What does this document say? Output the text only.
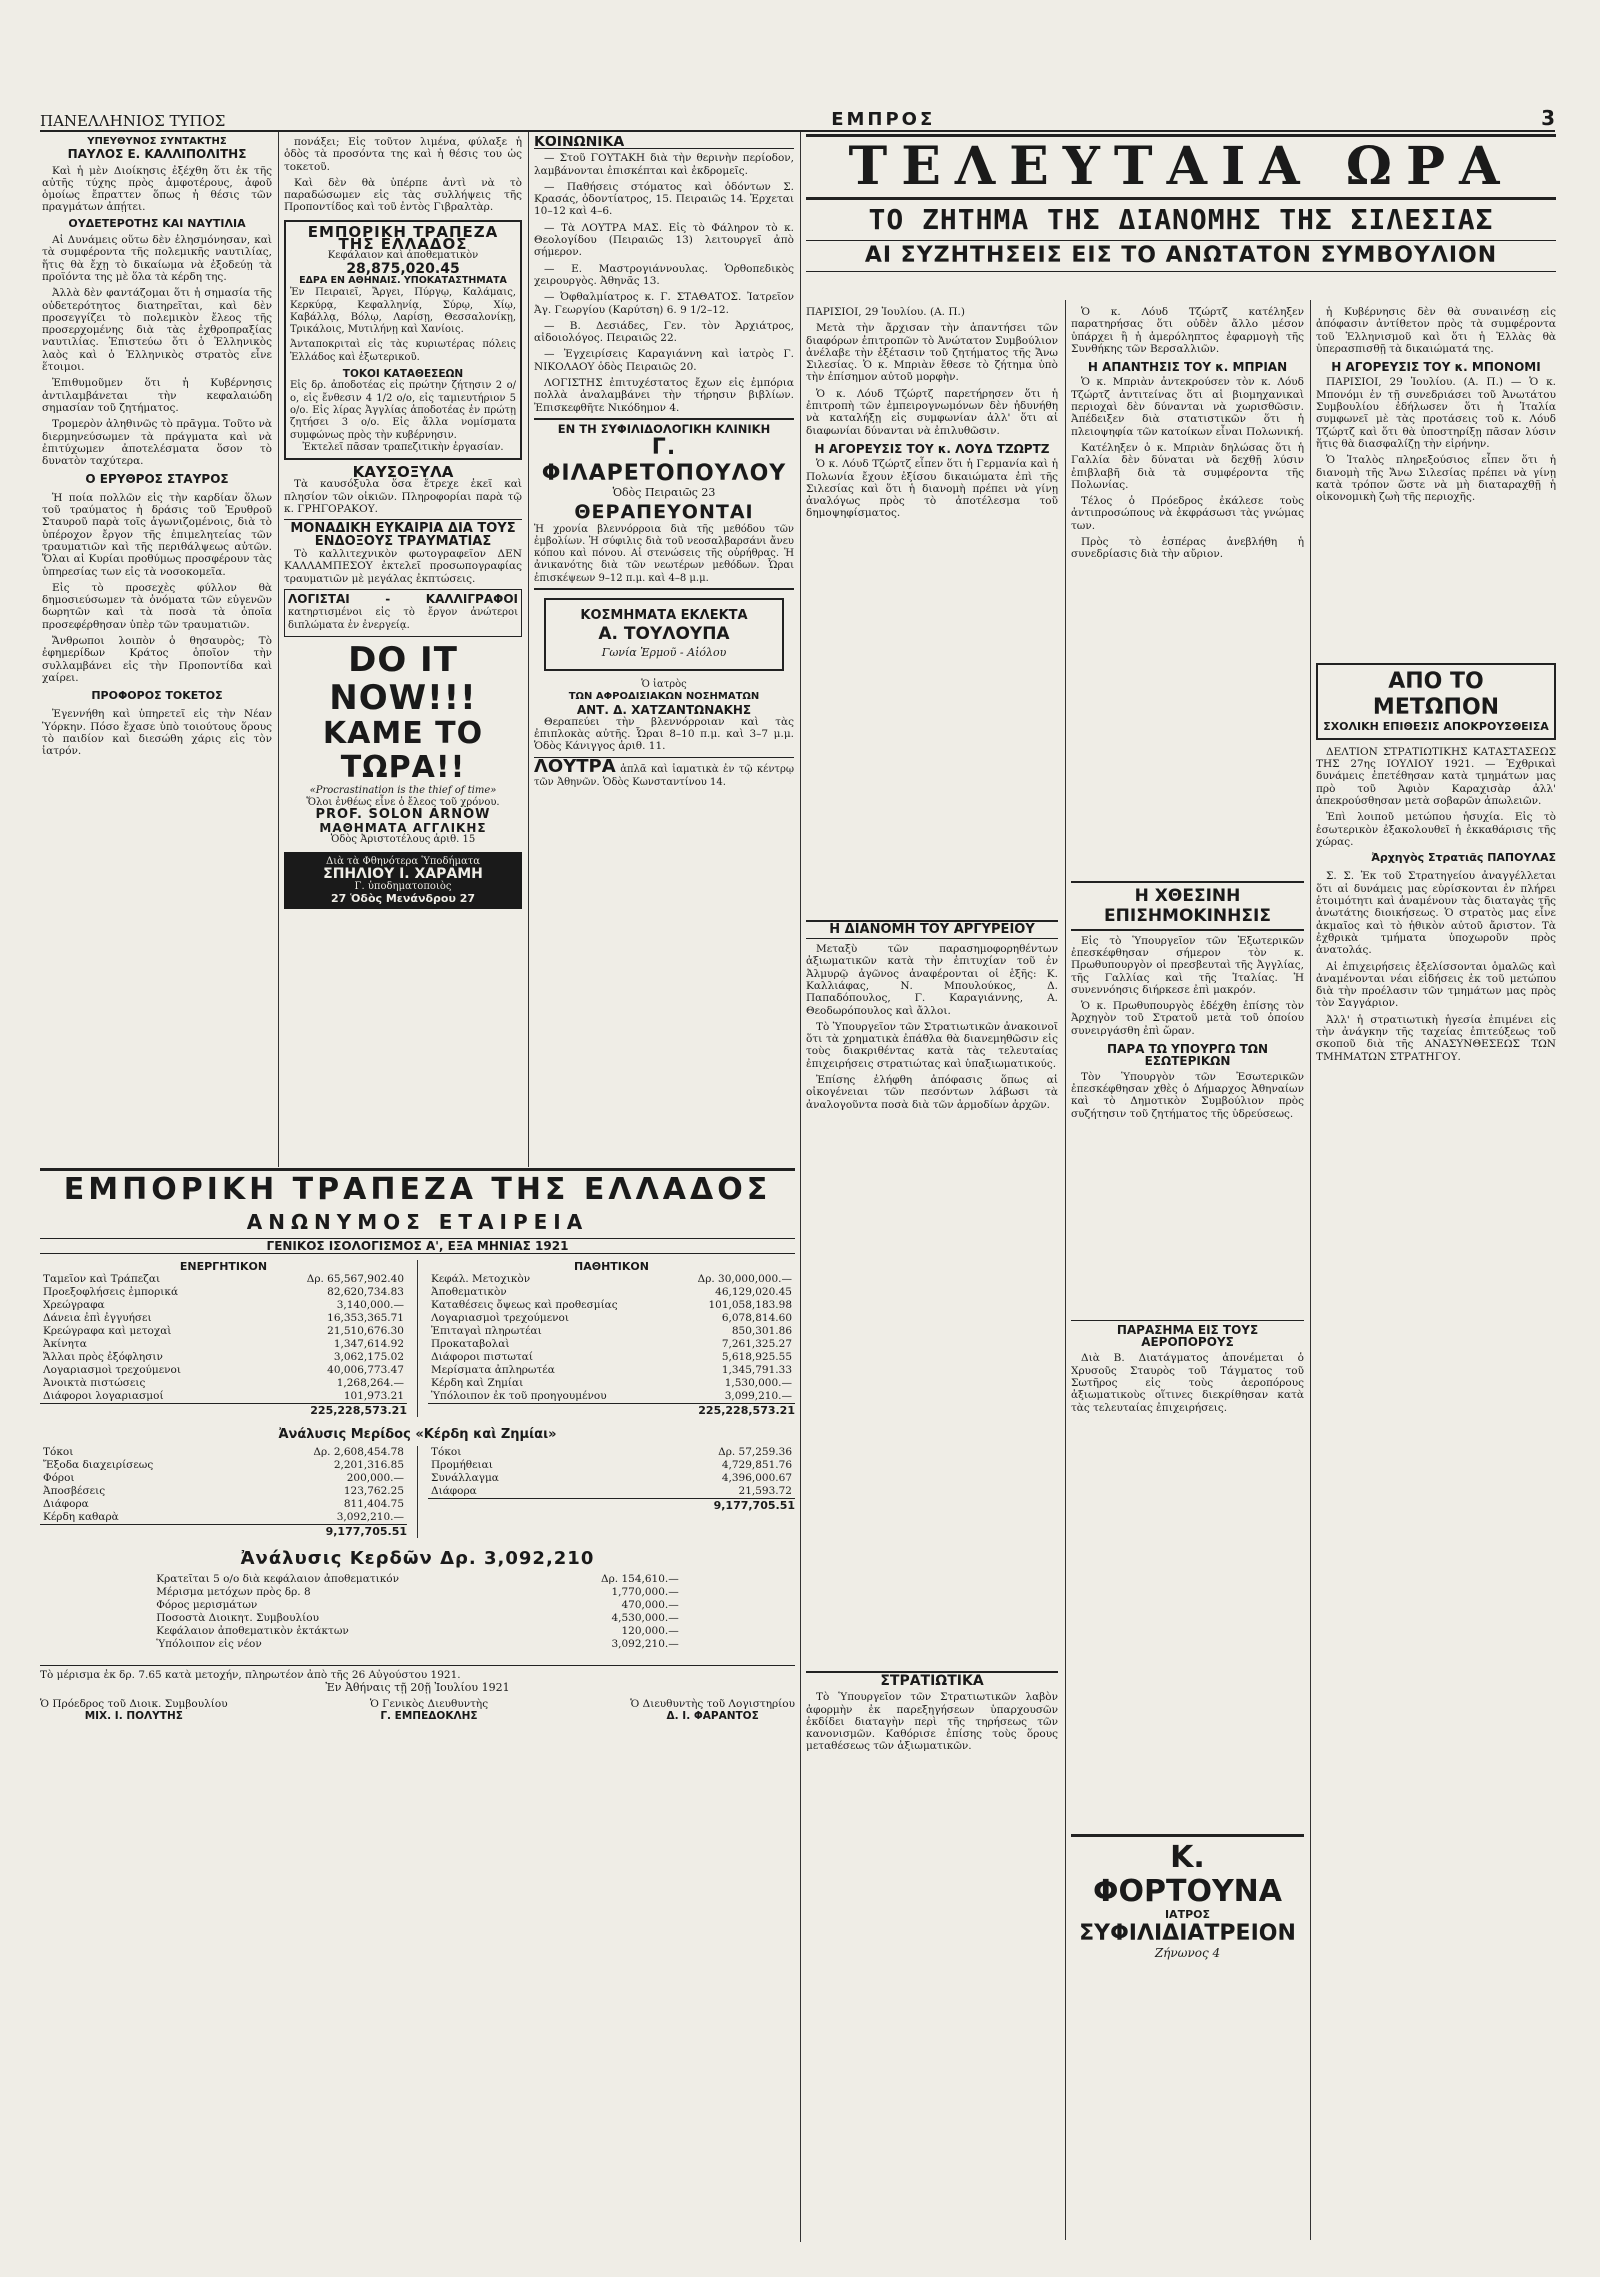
ΠΑΝΕΛΛΗΝΙΟΣ ΤΥΠΟΣ	ΕΜΠΡΟΣ	3
ΥΠΕΥΘΥΝΟΣ ΣΥΝΤΑΚΤΗΣ
ΠΑΥΛΟΣ Ε. ΚΑΛΛΙΠΟΛΙΤΗΣ

Καὶ ἡ μὲν Διοίκησις ἐξέχθη ὅτι ἐκ τῆς αὐτῆς τύχης πρὸς ἀμφοτέρους, ἀφοῦ ὁμοίως ἔπραττεν ὅπως ἡ θέσις τῶν πραγμάτων ἀπῄτει.

ΟΥΔΕΤΕΡΟΤΗΣ ΚΑΙ ΝΑΥΤΙΛΙΑ

Αἱ Δυνάμεις οὕτω δὲν ἐλησμόνησαν, καὶ τὰ συμφέροντα τῆς πολεμικῆς ναυτιλίας, ἥτις θὰ ἔχῃ τὸ δικαίωμα νὰ ἐξοδεύῃ τὰ προϊόντα της μὲ ὅλα τὰ κέρδη της.

Ἀλλὰ δὲν φαντάζομαι ὅτι ἡ σημασία τῆς οὐδετερότητος διατηρεῖται, καὶ δὲν προσεγγίζει τὸ πολεμικὸν ἔλεος τῆς προσερχομένης διὰ τὰς ἐχθροπραξίας ναυτιλίας. Ἐπιστεύω ὅτι ὁ Ἑλληνικὸς λαὸς καὶ ὁ Ἑλληνικὸς στρατὸς εἶνε ἕτοιμοι.

Ἐπιθυμοῦμεν ὅτι ἡ Κυβέρνησις ἀντιλαμβάνεται τὴν κεφαλαιώδη σημασίαν τοῦ ζητήματος.

Τρομερὸν ἀληθινῶς τὸ πρᾶγμα. Τοῦτο νὰ διερμηνεύσωμεν τὰ πράγματα καὶ νὰ ἐπιτύχωμεν ἀποτελέσματα ὅσον τὸ δυνατὸν ταχύτερα.

Ο ΕΡΥΘΡΟΣ ΣΤΑΥΡΟΣ

Ἡ ποία πολλῶν εἰς τὴν καρδίαν ὅλων τοῦ τραύματος ἡ δράσις τοῦ Ἐρυθροῦ Σταυροῦ παρὰ τοῖς ἀγωνιζομένοις, διὰ τὸ ὑπέροχον ἔργον τῆς ἐπιμελητείας τῶν τραυματιῶν καὶ τῆς περιθάλψεως αὐτῶν. Ὅλαι αἱ Κυρίαι προθύμως προσφέρουν τὰς ὑπηρεσίας των εἰς τὰ νοσοκομεῖα.

Εἰς τὸ προσεχὲς φύλλον θὰ δημοσιεύσωμεν τὰ ὀνόματα τῶν εὐγενῶν δωρητῶν καὶ τὰ ποσὰ τὰ ὁποῖα προσεφέρθησαν ὑπὲρ τῶν τραυματιῶν.

Ἄνθρωποι λοιπὸν ὁ θησαυρὸς; Τὸ ἐφημερίδων Κράτος ὁποῖον τὴν συλλαμβάνει εἰς τὴν Προποντίδα καὶ χαίρει.

ΠΡΟΦΟΡΟΣ ΤΟΚΕΤΟΣ

Ἐγεννήθη καὶ ὑπηρετεῖ εἰς τὴν Νέαν Ὑόρκην. Πόσο ἔχασε ὑπὸ τοιούτους ὅρους τὸ παιδίον καὶ διεσώθη χάρις εἰς τὸν ἰατρόν.

πονάξει; Εἰς τοῦτον λιμένα, φύλαξε ἡ ὁδὸς τὰ προσόντα της καὶ ἡ θέσις του ὡς τοκετοῦ.

Καὶ δὲν θὰ ὑπέρπε ἀντὶ νὰ τὸ παραδώσωμεν εἰς τὰς συλλήψεις τῆς Προποντίδος καὶ τοῦ ἐντὸς Γιβραλτὰρ.

ΕΜΠΟΡΙΚΗ ΤΡΑΠΕΖΑ ΤΗΣ ΕΛΛΑΔΟΣ
Κεφάλαιον καὶ ἀποθεματικὸν
28,875,020.45
ΕΔΡΑ ΕΝ ΑΘΗΝΑΙΣ. ΥΠΟΚΑΤΑΣΤΗΜΑΤΑ
Ἐν Πειραιεῖ, Ἄργει, Πύργῳ, Καλάμαις, Κερκύρᾳ, Κεφαλληνίᾳ, Σύρῳ, Χίῳ, Καβάλλᾳ, Βόλῳ, Λαρίσῃ, Θεσσαλονίκῃ, Τρικάλοις, Μυτιλήνῃ καὶ Χανίοις.
Ἀνταποκριταὶ εἰς τὰς κυριωτέρας πόλεις Ἑλλάδος καὶ ἐξωτερικοῦ.
ΤΟΚΟΙ ΚΑΤΑΘΕΣΕΩΝ
Εἰς δρ. ἀποδοτέας εἰς πρώτην ζήτησιν 2 ο/ο, εἰς ἔνθεσιν 4 1/2 ο/ο, εἰς ταμιευτήριον 5 ο/ο. Εἰς λίρας Ἀγγλίας ἀποδοτέας ἐν πρώτῃ ζητήσει 3 ο/ο. Εἰς ἄλλα νομίσματα συμφώνως πρὸς τὴν κυβέρνησιν.
Ἐκτελεῖ πᾶσαν τραπεζιτικὴν ἐργασίαν.
ΚΑΥΣΟΞΥΛΑ

Τὰ καυσόξυλα ὅσα ἔτρεχε ἐκεῖ καὶ πλησίον τῶν οἰκιῶν. Πληροφορίαι παρὰ τῷ κ. ΓΡΗΓΟΡΑΚΟΥ.

ΜΟΝΑΔΙΚΗ ΕΥΚΑΙΡΙΑ ΔΙΑ ΤΟΥΣ ΕΝΔΟΞΟΥΣ ΤΡΑΥΜΑΤΙΑΣ

Τὸ καλλιτεχνικὸν φωτογραφεῖον ΔΕΝ ΚΑΛΛΑΜΠΕΣΟΥ ἐκτελεῖ προσωπογραφίας τραυματιῶν μὲ μεγάλας ἐκπτώσεις.

ΛΟΓΙΣΤΑΙ - ΚΑΛΛΙΓΡΑΦΟΙ κατηρτισμένοι εἰς τὸ ἔργον ἀνώτεροι διπλώματα ἐν ἐνεργείᾳ.
DO IT NOW!!!
ΚΑΜΕ ΤΟ ΤΩΡΑ!!
«Procrastination is the thief of time»
Ὅλοι ἐνθέως εἶνε ὁ ἔλεος τοῦ χρόνου.
PROF. SOLON ARNOW
ΜΑΘΗΜΑΤΑ ΑΓΓΛΙΚΗΣ
Ὁδὸς Ἀριστοτέλους ἀριθ. 15
Διὰ τὰ Φθηνότερα Ὑποδήματα
ΣΠΗΛΙΟΥ Ι. ΧΑΡΑΜΗ
Γ. ὑποδηματοποιὸς
27 Ὁδὸς Μενάνδρου 27
ΚΟΙΝΩΝΙΚΑ

— Στοῦ ΓΟΥΤΑΚΗ διὰ τὴν θερινὴν περίοδον, λαμβάνονται ἐπισκέπται καὶ ἐκδρομεῖς.

— Παθήσεις στόματος καὶ ὀδόντων Σ. Κρασάς, ὀδοντίατρος, 15. Πειραιῶς 14. Ἐρχεται 10–12 καὶ 4–6.

— Τὰ ΛΟΥΤΡΑ ΜΑΣ. Εἰς τὸ Φάληρον τὸ κ. Θεολογίδου (Πειραιῶς 13) λειτουργεῖ ἀπὸ σήμερον.

— Ε. Μαστρογιάννουλας. Ὁρθοπεδικὸς χειρουργὸς. Ἀθηνᾶς 13.

— Ὀφθαλμίατρος κ. Γ. ΣΤΑΘΑΤΟΣ. Ἰατρεῖον Ἀγ. Γεωργίου (Καρύτση) 6. 9 1/2–12.

— Β. Δεσιάδες, Γεν. τὸν Ἀρχιάτρος, αἰδοιολόγος. Πειραιῶς 22.

— Ἐγχειρίσεις Καραγιάννη καὶ ἰατρὸς Γ. ΝΙΚΟΛΑΟΥ ὁδὸς Πειραιῶς 20.

ΛΟΓΙΣΤΗΣ ἐπιτυχέστατος ἔχων εἰς ἐμπόρια πολλὰ ἀναλαμβάνει τὴν τήρησιν βιβλίων. Ἐπισκεφθῆτε Νικόδημον 4.

ΕΝ ΤΗ ΣΥΦΙΛΙΔΟΛΟΓΙΚΗ ΚΛΙΝΙΚΗ
Γ. ΦΙΛΑΡΕΤΟΠΟΥΛΟΥ
Ὁδὸς Πειραιῶς 23
ΘΕΡΑΠΕΥΟΝΤΑΙ
Ἡ χρονία βλεννόρροια διὰ τῆς μεθόδου τῶν ἐμβολίων. Ἡ σύφιλις διὰ τοῦ νεοσαλβαρσάνι ἄνευ κόπου καὶ πόνου. Αἱ στενώσεις τῆς οὐρήθρας. Ἡ ἀνικανότης διὰ τῶν νεωτέρων μεθόδων. Ὧραι ἐπισκέψεων 9–12 π.μ. καὶ 4–8 μ.μ.
ΚΟΣΜΗΜΑΤΑ ΕΚΛΕΚΤΑ
Α. ΤΟΥΛΟΥΠΑ
Γωνία Ἑρμοῦ - Αἰόλου
Ὁ ἰατρὸς
ΤΩΝ ΑΦΡΟΔΙΣΙΑΚΩΝ ΝΟΣΗΜΑΤΩΝ
ΑΝΤ. Δ. ΧΑΤΖΑΝΤΩΝΑΚΗΣ

Θεραπεύει τὴν βλεννόρροιαν καὶ τὰς ἐπιπλοκὰς αὐτῆς. Ὧραι 8–10 π.μ. καὶ 3–7 μ.μ. Ὁδὸς Κάνιγγος ἀριθ. 11.

ΛΟΥΤΡΑ ἁπλᾶ καὶ ἰαματικὰ ἐν τῷ κέντρῳ τῶν Ἀθηνῶν. Ὁδὸς Κωνσταντίνου 14.
ΤΕΛΕΥΤΑΙΑ ΩΡΑ
ΤΟ ΖΗΤΗΜΑ ΤΗΣ ΔΙΑΝΟΜΗΣ ΤΗΣ ΣΙΛΕΣΙΑΣ
ΑΙ ΣΥΖΗΤΗΣΕΙΣ ΕΙΣ ΤΟ ΑΝΩΤΑΤΟΝ ΣΥΜΒΟΥΛΙΟΝ

ΠΑΡΙΣΙΟΙ, 29 Ἰουλίου. (Α. Π.)

Μετὰ τὴν ἄρχισαν τὴν ἀπαντήσει τῶν διαφόρων ἐπιτροπῶν τὸ Ἀνώτατον Συμβούλιον ἀνέλαβε τὴν ἐξέτασιν τοῦ ζητήματος τῆς Ἄνω Σιλεσίας. Ὁ κ. Μπριὰν ἔθεσε τὸ ζήτημα ὑπὸ τὴν ἐπίσημον αὐτοῦ μορφὴν.

Ὁ κ. Λόυδ Τζώρτζ παρετήρησεν ὅτι ἡ ἐπιτροπὴ τῶν ἐμπειρογνωμόνων δὲν ἠδυνήθη νὰ καταλήξῃ εἰς συμφωνίαν ἀλλ' ὅτι αἱ διαφωνίαι δύνανται νὰ ἐπιλυθῶσιν.

Η ΑΓΟΡΕΥΣΙΣ ΤΟΥ κ. ΛΟΥΔ ΤΖΩΡΤΖ

Ὁ κ. Λόυδ Τζώρτζ εἶπεν ὅτι ἡ Γερμανία καὶ ἡ Πολωνία ἔχουν ἐξίσου δικαιώματα ἐπὶ τῆς Σιλεσίας καὶ ὅτι ἡ διανομὴ πρέπει νὰ γίνῃ ἀναλόγως πρὸς τὸ ἀποτέλεσμα τοῦ δημοψηφίσματος.

Η ΔΙΑΝΟΜΗ ΤΟΥ ΑΡΓΥΡΕΙΟΥ

Μεταξὺ τῶν παρασημοφορηθέντων ἀξιωματικῶν κατὰ τὴν ἐπιτυχίαν τοῦ ἐν Ἀλμυρῷ ἀγῶνος ἀναφέρονται οἱ ἑξῆς: Κ. Καλλιάφας, Ν. Μπουλούκος, Δ. Παπαδόπουλος, Γ. Καραγιάννης, Α. Θεοδωρόπουλος καὶ ἄλλοι.

Τὸ Ὑπουργεῖον τῶν Στρατιωτικῶν ἀνακοινοῖ ὅτι τὰ χρηματικὰ ἐπάθλα θὰ διανεμηθῶσιν εἰς τοὺς διακριθέντας κατὰ τὰς τελευταίας ἐπιχειρήσεις στρατιώτας καὶ ὑπαξιωματικούς.

Ἐπίσης ἐλήφθη ἀπόφασις ὅπως αἱ οἰκογένειαι τῶν πεσόντων λάβωσι τὰ ἀναλογοῦντα ποσὰ διὰ τῶν ἁρμοδίων ἀρχῶν.

ΣΤΡΑΤΙΩΤΙΚΑ

Τὸ Ὑπουργεῖον τῶν Στρατιωτικῶν λαβὸν ἀφορμὴν ἐκ παρεξηγήσεων ὑπαρχουσῶν ἐκδίδει διαταγὴν περὶ τῆς τηρήσεως τῶν κανονισμῶν. Καθόρισε ἐπίσης τοὺς ὅρους μεταθέσεως τῶν ἀξιωματικῶν.

Ὁ κ. Λόυδ Τζώρτζ κατέληξεν παρατηρήσας ὅτι οὐδὲν ἄλλο μέσον ὑπάρχει ἢ ἡ ἀμερόληπτος ἐφαρμογὴ τῆς Συνθήκης τῶν Βερσαλλιῶν.

Η ΑΠΑΝΤΗΣΙΣ ΤΟΥ κ. ΜΠΡΙΑΝ

Ὁ κ. Μπριὰν ἀντεκρούσεν τὸν κ. Λόυδ Τζώρτζ ἀντιτείνας ὅτι αἱ βιομηχανικαὶ περιοχαὶ δὲν δύνανται νὰ χωρισθῶσιν. Ἀπέδειξεν διὰ στατιστικῶν ὅτι ἡ πλειοψηφία τῶν κατοίκων εἶναι Πολωνική.

Κατέληξεν ὁ κ. Μπριὰν δηλώσας ὅτι ἡ Γαλλία δὲν δύναται νὰ δεχθῇ λύσιν ἐπιβλαβῆ διὰ τὰ συμφέροντα τῆς Πολωνίας.

Τέλος ὁ Πρόεδρος ἐκάλεσε τοὺς ἀντιπροσώπους νὰ ἐκφράσωσι τὰς γνώμας των.

Πρὸς τὸ ἑσπέρας ἀνεβλήθη ἡ συνεδρίασις διὰ τὴν αὔριον.

Η ΧΘΕΣΙΝΗ ΕΠΙΣΗΜΟΚΙΝΗΣΙΣ

Εἰς τὸ Ὑπουργεῖον τῶν Ἐξωτερικῶν ἐπεσκέφθησαν σήμερον τὸν κ. Πρωθυπουργὸν οἱ πρεσβευταὶ τῆς Ἀγγλίας, τῆς Γαλλίας καὶ τῆς Ἰταλίας. Ἡ συνεννόησις διήρκεσε ἐπὶ μακρόν.

Ὁ κ. Πρωθυπουργὸς ἐδέχθη ἐπίσης τὸν Ἀρχηγὸν τοῦ Στρατοῦ μετὰ τοῦ ὁποίου συνειργάσθη ἐπὶ ὥραν.

ΠΑΡΑ ΤΩ ΥΠΟΥΡΓΩ ΤΩΝ ΕΣΩΤΕΡΙΚΩΝ

Τὸν Ὑπουργὸν τῶν Ἐσωτερικῶν ἐπεσκέφθησαν χθὲς ὁ Δήμαρχος Ἀθηναίων καὶ τὸ Δημοτικὸν Συμβούλιον πρὸς συζήτησιν τοῦ ζητήματος τῆς ὑδρεύσεως.

ΠΑΡΑΣΗΜΑ ΕΙΣ ΤΟΥΣ ΑΕΡΟΠΟΡΟΥΣ

Διὰ Β. Διατάγματος ἀπονέμεται ὁ Χρυσοῦς Σταυρὸς τοῦ Τάγματος τοῦ Σωτῆρος εἰς τοὺς ἀεροπόρους ἀξιωματικοὺς οἵτινες διεκρίθησαν κατὰ τὰς τελευταίας ἐπιχειρήσεις.

Κ. ΦΟΡΤΟΥΝΑ
ΙΑΤΡΟΣ
ΣΥΦΙΛΙΔΙΑΤΡΕΙΟΝ
Ζήνωνος 4

ἡ Κυβέρνησις δὲν θὰ συναινέσῃ εἰς ἀπόφασιν ἀντίθετον πρὸς τὰ συμφέροντα τοῦ Ἑλληνισμοῦ καὶ ὅτι ἡ Ἑλλὰς θὰ ὑπερασπισθῇ τὰ δικαιώματά της.

Η ΑΓΟΡΕΥΣΙΣ ΤΟΥ κ. ΜΠΟΝΟΜΙ

ΠΑΡΙΣΙΟΙ, 29 Ἰουλίου. (Α. Π.) — Ὁ κ. Μπονόμι ἐν τῇ συνεδριάσει τοῦ Ἀνωτάτου Συμβουλίου ἐδήλωσεν ὅτι ἡ Ἰταλία συμφωνεῖ μὲ τὰς προτάσεις τοῦ κ. Λόυδ Τζώρτζ καὶ ὅτι θὰ ὑποστηρίξῃ πᾶσαν λύσιν ἥτις θὰ διασφαλίζῃ τὴν εἰρήνην.

Ὁ Ἰταλὸς πληρεξούσιος εἶπεν ὅτι ἡ διανομὴ τῆς Ἄνω Σιλεσίας πρέπει νὰ γίνῃ κατὰ τρόπον ὥστε νὰ μὴ διαταραχθῇ ἡ οἰκονομικὴ ζωὴ τῆς περιοχῆς.

ΑΠΟ ΤΟ ΜΕΤΩΠΟΝ
ΣΧΟΛΙΚΗ ΕΠΙΘΕΣΙΣ ΑΠΟΚΡΟΥΣΘΕΙΣΑ

ΔΕΛΤΙΟΝ ΣΤΡΑΤΙΩΤΙΚΗΣ ΚΑΤΑΣΤΑΣΕΩΣ ΤΗΣ 27ης ΙΟΥΛΙΟΥ 1921. — Ἐχθρικαὶ δυνάμεις ἐπετέθησαν κατὰ τμημάτων μας πρὸ τοῦ Ἀφιὸν Καραχισὰρ ἀλλ' ἀπεκρούσθησαν μετὰ σοβαρῶν ἀπωλειῶν.

Ἐπὶ λοιποῦ μετώπου ἡσυχία. Εἰς τὸ ἐσωτερικὸν ἐξακολουθεῖ ἡ ἐκκαθάρισις τῆς χώρας.

Ἀρχηγὸς Στρατιᾶς ΠΑΠΟΥΛΑΣ

Σ. Σ. Ἐκ τοῦ Στρατηγείου ἀναγγέλλεται ὅτι αἱ δυνάμεις μας εὑρίσκονται ἐν πλήρει ἑτοιμότητι καὶ ἀναμένουν τὰς διαταγὰς τῆς ἀνωτάτης διοικήσεως. Ὁ στρατὸς μας εἶνε ἀκμαῖος καὶ τὸ ἠθικὸν αὐτοῦ ἄριστον. Τὰ ἐχθρικὰ τμήματα ὑποχωροῦν πρὸς ἀνατολάς.

Αἱ ἐπιχειρήσεις ἐξελίσσονται ὁμαλῶς καὶ ἀναμένονται νέαι εἰδήσεις ἐκ τοῦ μετώπου διὰ τὴν προέλασιν τῶν τμημάτων μας πρὸς τὸν Σαγγάριον.

Ἀλλ' ἡ στρατιωτικὴ ἡγεσία ἐπιμένει εἰς τὴν ἀνάγκην τῆς ταχείας ἐπιτεύξεως τοῦ σκοποῦ διὰ τῆς ΑΝΑΣΥΝΘΕΣΕΩΣ ΤΩΝ ΤΜΗΜΑΤΩΝ ΣΤΡΑΤΗΓΟΥ.

ΕΜΠΟΡΙΚΗ ΤΡΑΠΕΖΑ ΤΗΣ ΕΛΛΑΔΟΣ
ΑΝΩΝΥΜΟΣ ΕΤΑΙΡΕΙΑ
ΓΕΝΙΚΟΣ ΙΣΟΛΟΓΙΣΜΟΣ Α', ΕΞΑ ΜΗΝΙΑΣ 1921
ΕΝΕΡΓΗΤΙΚΟΝ
Ταμεῖον καὶ Τράπεζαι	Δρ. 65,567,902.40
Προεξοφλήσεις ἐμπορικά	82,620,734.83
Χρεώγραφα	3,140,000.—
Δάνεια ἐπὶ ἐγγυήσει	16,353,365.71
Κρεώγραφα καὶ μετοχαὶ	21,510,676.30
Ἀκίνητα	1,347,614.92
Ἄλλαι πρὸς ἐξόφλησιν	3,062,175.02
Λογαριασμοὶ τρεχούμενοι	40,006,773.47
Ἀνοικτὰ πιστώσεις	1,268,264.—
Διάφοροι λογαριασμοί	101,973.21
225,228,573.21
ΠΑΘΗΤΙΚΟΝ
Κεφάλ. Μετοχικὸν	Δρ. 30,000,000.—
Ἀποθεματικὸν	46,129,020.45
Καταθέσεις ὄψεως καὶ προθεσμίας	101,058,183.98
Λογαριασμοὶ τρεχούμενοι	6,078,814.60
Ἐπιταγαὶ πληρωτέαι	850,301.86
Προκαταβολαὶ	7,261,325.27
Διάφοροι πιστωταί	5,618,925.55
Μερίσματα ἀπληρωτέα	1,345,791.33
Κέρδη καὶ Ζημίαι	1,530,000.—
Ὑπόλοιπον ἐκ τοῦ προηγουμένου	3,099,210.—
225,228,573.21
Ἀνάλυσις Μερίδος «Κέρδη καὶ Ζημίαι»
Τόκοι	Δρ. 2,608,454.78
Ἔξοδα διαχειρίσεως	2,201,316.85
Φόροι	200,000.—
Ἀποσβέσεις	123,762.25
Διάφορα	811,404.75
Κέρδη καθαρὰ	3,092,210.—
9,177,705.51
Τόκοι	Δρ. 57,259.36
Προμήθειαι	4,729,851.76
Συνάλλαγμα	4,396,000.67
Διάφορα	21,593.72
9,177,705.51
Ἀνάλυσις Κερδῶν Δρ. 3,092,210
Κρατεῖται 5 ο/ο διὰ κεφάλαιον ἀποθεματικόν	Δρ. 154,610.—
Μέρισμα μετόχων πρὸς δρ. 8	1,770,000.—
Φόρος μερισμάτων	470,000.—
Ποσοστὰ Διοικητ. Συμβουλίου	4,530,000.—
Κεφάλαιον ἀποθεματικὸν ἐκτάκτων	120,000.—
Ὑπόλοιπον εἰς νέον	3,092,210.—
Τὸ μέρισμα ἐκ δρ. 7.65 κατὰ μετοχήν, πληρωτέον ἀπὸ τῆς 26 Αὐγούστου 1921.
Ἐν Ἀθήναις τῇ 20ῇ Ἰουλίου 1921
Ὁ Πρόεδρος τοῦ Διοικ. Συμβουλίου
ΜΙΧ. Ι. ΠΟΛΥΤΗΣ
Ὁ Γενικὸς Διευθυντὴς
Γ. ΕΜΠΕΔΟΚΛΗΣ
Ὁ Διευθυντὴς τοῦ Λογιστηρίου
Δ. Ι. ΦΑΡΑΝΤΟΣ
